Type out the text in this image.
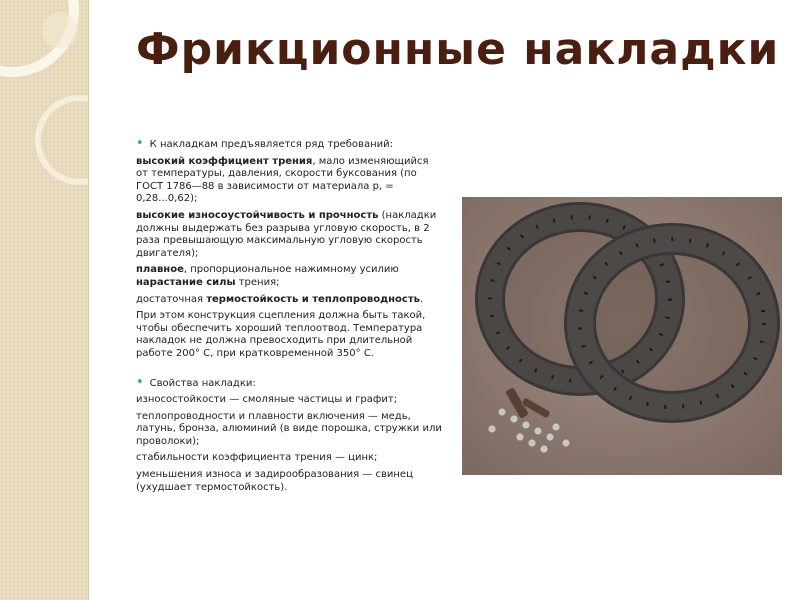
Фрикционные накладки

• К накладкам предъявляется ряд требований:

высокий коэффициент трения, мало изменяющийся от температуры, давления, скорости буксования (по ГОСТ 1786—88 в зависимости от материала р, = 0,28...0,62);

высокие износоустойчивость и прочность (накладки должны выдержать без разрыва угловую скорость, в 2 раза превышающую максимальную угловую скорость двигателя);

плавное, пропорциональное нажимному усилию нарастание силы трения;

достаточная термостойкость и теплопроводность.

При этом конструкция сцепления должна быть такой, чтобы обеспечить хороший теплоотвод. Температура накладок не должна превосходить при длительной работе 200° С, при кратковременной 350° С.

• Свойства накладки:

износостойкости — смоляные частицы и графит;

теплопроводности и плавности включения — медь, латунь, бронза, алюминий (в виде порошка, стружки или проволоки);

стабильности коэффициента трения — цинк;

уменьшения износа и задирообразования — свинец (ухудшает термостойкость).
